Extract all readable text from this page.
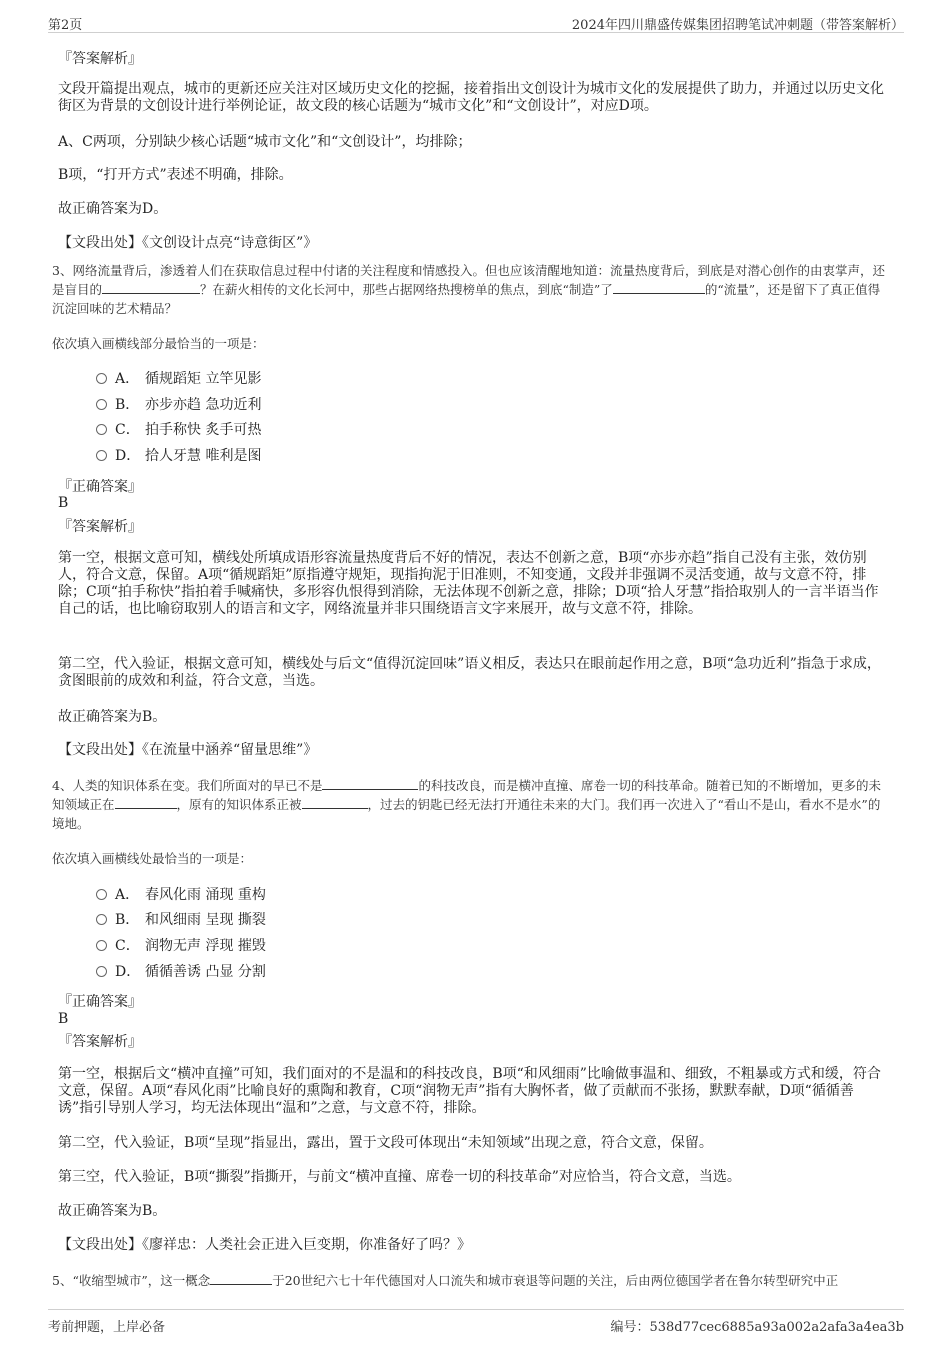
第2页	2024年四川鼎盛传媒集团招聘笔试冲刺题（带答案解析）
『答案解析』

文段开篇提出观点，城市的更新还应关注对区域历史文化的挖掘，接着指出文创设计为城市文化的发展提供了助力，并通过以历史文化街区为背景的文创设计进行举例论证，故文段的核心话题为“城市文化”和“文创设计”，对应D项。

A、C两项，分别缺少核心话题“城市文化”和“文创设计”，均排除；

B项，“打开方式”表述不明确，排除。

故正确答案为D。

【文段出处】《文创设计点亮“诗意街区”》

3、网络流量背后，渗透着人们在获取信息过程中付诸的关注程度和情感投入。但也应该清醒地知道：流量热度背后，到底是对潜心创作的由衷掌声，还是盲目的	？在薪火相传的文化长河中，那些占据网络热搜榜单的焦点，到底“制造”了	的“流量”，还是留下了真正值得沉淀回味的艺术精品？

依次填入画横线部分最恰当的一项是：
A． 循规蹈矩 立竿见影
B． 亦步亦趋 急功近利
C． 拍手称快 炙手可热
D． 拾人牙慧 唯利是图
『正确答案』
B
『答案解析』

第一空，根据文意可知，横线处所填成语形容流量热度背后不好的情况，表达不创新之意，B项“亦步亦趋”指自己没有主张，效仿别人，符合文意，保留。A项“循规蹈矩”原指遵守规矩，现指拘泥于旧准则，不知变通，文段并非强调不灵活变通，故与文意不符，排除；C项“拍手称快”指拍着手喊痛快，多形容仇恨得到消除，无法体现不创新之意，排除；D项“拾人牙慧”指拾取别人的一言半语当作自己的话，也比喻窃取别人的语言和文字，网络流量并非只围绕语言文字来展开，故与文意不符，排除。

第二空，代入验证，根据文意可知，横线处与后文“值得沉淀回味”语义相反，表达只在眼前起作用之意，B项“急功近利”指急于求成，贪图眼前的成效和利益，符合文意，当选。

故正确答案为B。

【文段出处】《在流量中涵养“留量思维”》

4、人类的知识体系在变。我们所面对的早已不是	的科技改良，而是横冲直撞、席卷一切的科技革命。随着已知的不断增加，更多的未知领域正在	，原有的知识体系正被	，过去的钥匙已经无法打开通往未来的大门。我们再一次进入了“看山不是山，看水不是水”的境地。

依次填入画横线处最恰当的一项是：
A． 春风化雨 涌现 重构
B． 和风细雨 呈现 撕裂
C． 润物无声 浮现 摧毁
D． 循循善诱 凸显 分割
『正确答案』
B
『答案解析』

第一空，根据后文“横冲直撞”可知，我们面对的不是温和的科技改良，B项“和风细雨”比喻做事温和、细致，不粗暴或方式和缓，符合文意，保留。A项“春风化雨”比喻良好的熏陶和教育，C项“润物无声”指有大胸怀者，做了贡献而不张扬，默默奉献，D项“循循善诱”指引导别人学习，均无法体现出“温和”之意，与文意不符，排除。

第二空，代入验证，B项“呈现”指显出，露出，置于文段可体现出“未知领域”出现之意，符合文意，保留。

第三空，代入验证，B项“撕裂”指撕开，与前文“横冲直撞、席卷一切的科技革命”对应恰当，符合文意，当选。

故正确答案为B。

【文段出处】《廖祥忠：人类社会正进入巨变期，你准备好了吗？》

5、“收缩型城市”，这一概念	于20世纪六七十年代德国对人口流失和城市衰退等问题的关注，后由两位德国学者在鲁尔转型研究中正

考前押题，上岸必备	编号：538d77cec6885a93a002a2afa3a4ea3b
